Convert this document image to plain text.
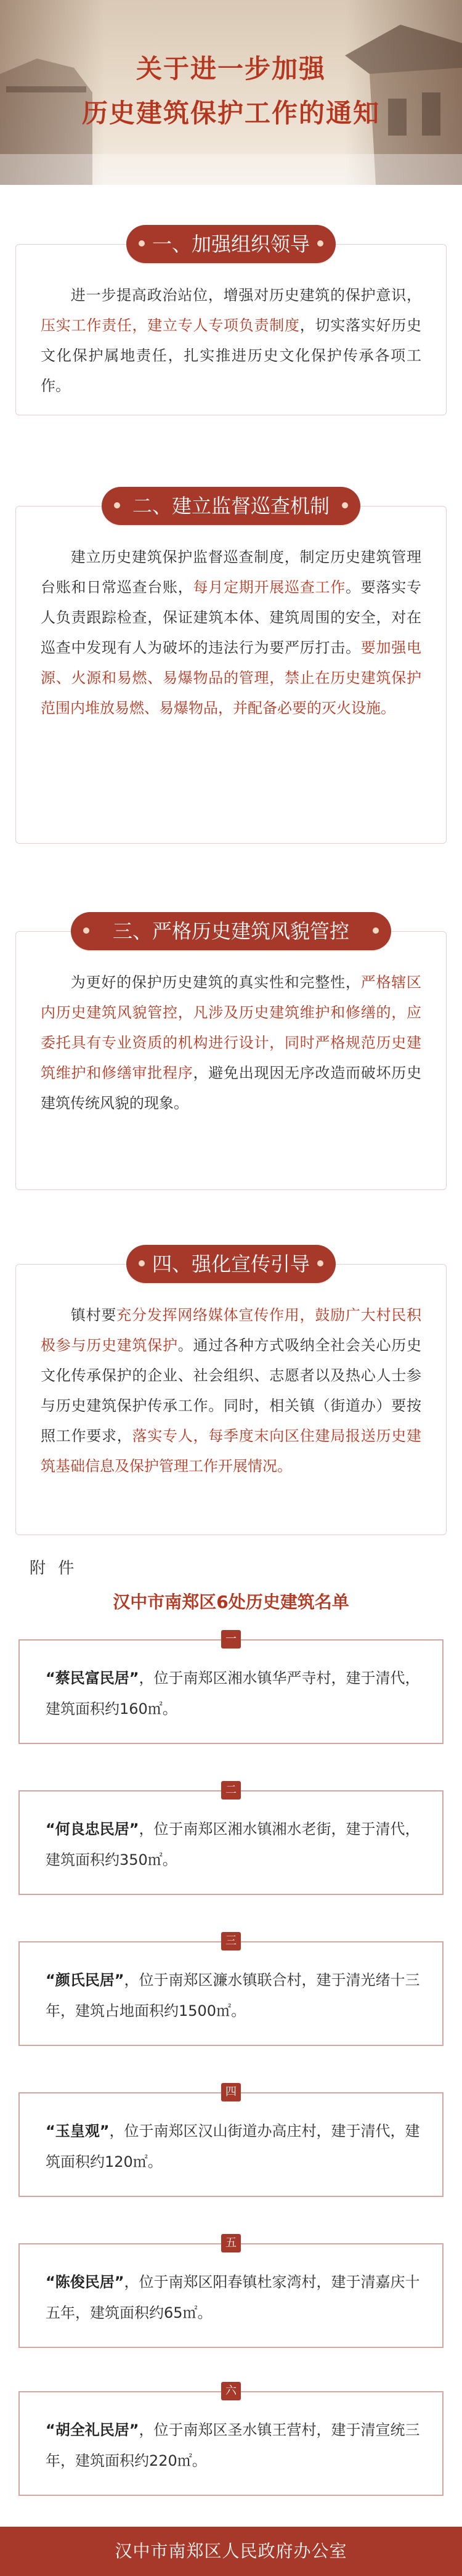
关于进一步加强
历史建筑保护工作的通知
一、加强组织领导
进一步提高政治站位，增强对历史建筑的保护意识，压实工作责任，建立专人专项负责制度，切实落实好历史文化保护属地责任，扎实推进历史文化保护传承各项工作。
二、建立监督巡查机制
建立历史建筑保护监督巡查制度，制定历史建筑管理台账和日常巡查台账，每月定期开展巡查工作。要落实专人负责跟踪检查，保证建筑本体、建筑周围的安全，对在巡查中发现有人为破坏的违法行为要严厉打击。要加强电源、火源和易燃、易爆物品的管理，禁止在历史建筑保护范围内堆放易燃、易爆物品，并配备必要的灭火设施。
三、严格历史建筑风貌管控
为更好的保护历史建筑的真实性和完整性，严格辖区内历史建筑风貌管控，凡涉及历史建筑维护和修缮的，应委托具有专业资质的机构进行设计，同时严格规范历史建筑维护和修缮审批程序，避免出现因无序改造而破坏历史建筑传统风貌的现象。
四、强化宣传引导
镇村要充分发挥网络媒体宣传作用，鼓励广大村民积极参与历史建筑保护。通过各种方式吸纳全社会关心历史文化传承保护的企业、社会组织、志愿者以及热心人士参与历史建筑保护传承工作。同时，相关镇（街道办）要按照工作要求，落实专人，每季度末向区住建局报送历史建筑基础信息及保护管理工作开展情况。
附 件
汉中市南郑区6处历史建筑名单
一
“蔡民富民居”，位于南郑区湘水镇华严寺村，建于清代，建筑面积约160㎡。
二
“何良忠民居”，位于南郑区湘水镇湘水老街，建于清代，建筑面积约350㎡。
三
“颜氏民居”，位于南郑区濂水镇联合村，建于清光绪十三年，建筑占地面积约1500㎡。
四
“玉皇观”，位于南郑区汉山街道办高庄村，建于清代，建筑面积约120㎡。
五
“陈俊民居”，位于南郑区阳春镇杜家湾村，建于清嘉庆十五年，建筑面积约65㎡。
六
“胡全礼民居”，位于南郑区圣水镇王营村，建于清宣统三年，建筑面积约220㎡。
汉中市南郑区人民政府办公室
